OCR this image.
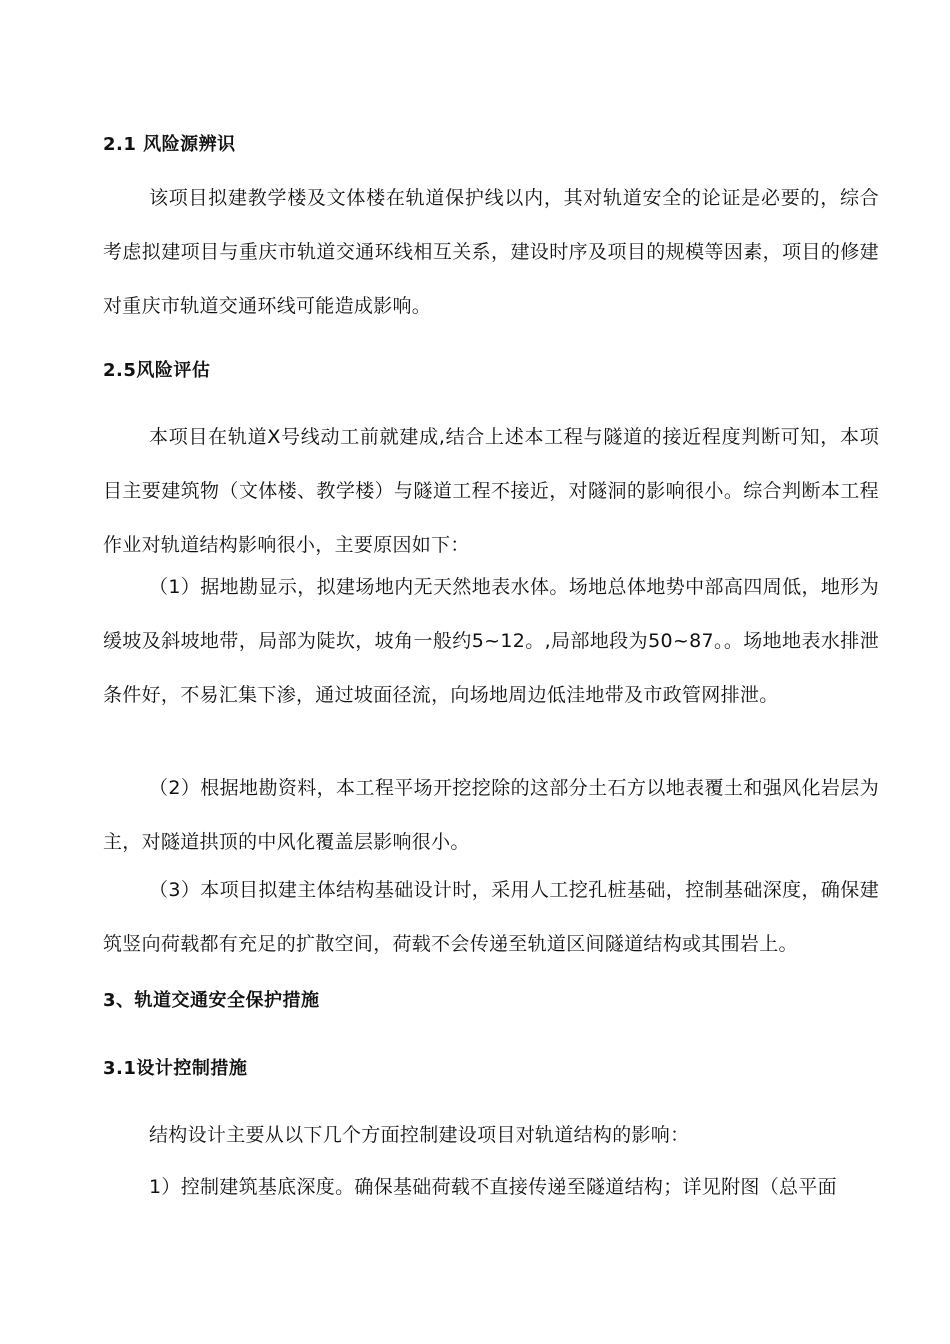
2.1 风险源辨识

该项目拟建教学楼及文体楼在轨道保护线以内，其对轨道安全的论证是必要的，综合考虑拟建项目与重庆市轨道交通环线相互关系，建设时序及项目的规模等因素，项目的修建对重庆市轨道交通环线可能造成影响。

2.5风险评估

本项目在轨道X号线动工前就建成,结合上述本工程与隧道的接近程度判断可知，本项目主要建筑物（文体楼、教学楼）与隧道工程不接近，对隧洞的影响很小。综合判断本工程作业对轨道结构影响很小，主要原因如下：

（1）据地勘显示，拟建场地内无天然地表水体。场地总体地势中部高四周低，地形为缓坡及斜坡地带，局部为陡坎，坡角一般约5~12。,局部地段为50~87。。场地地表水排泄条件好，不易汇集下渗，通过坡面径流，向场地周边低洼地带及市政管网排泄。

（2）根据地勘资料，本工程平场开挖挖除的这部分土石方以地表覆土和强风化岩层为主，对隧道拱顶的中风化覆盖层影响很小。

（3）本项目拟建主体结构基础设计时，采用人工挖孔桩基础，控制基础深度，确保建筑竖向荷载都有充足的扩散空间，荷载不会传递至轨道区间隧道结构或其围岩上。

3、轨道交通安全保护措施
3.1设计控制措施

结构设计主要从以下几个方面控制建设项目对轨道结构的影响：

1）控制建筑基底深度。确保基础荷载不直接传递至隧道结构；详见附图（总平面
